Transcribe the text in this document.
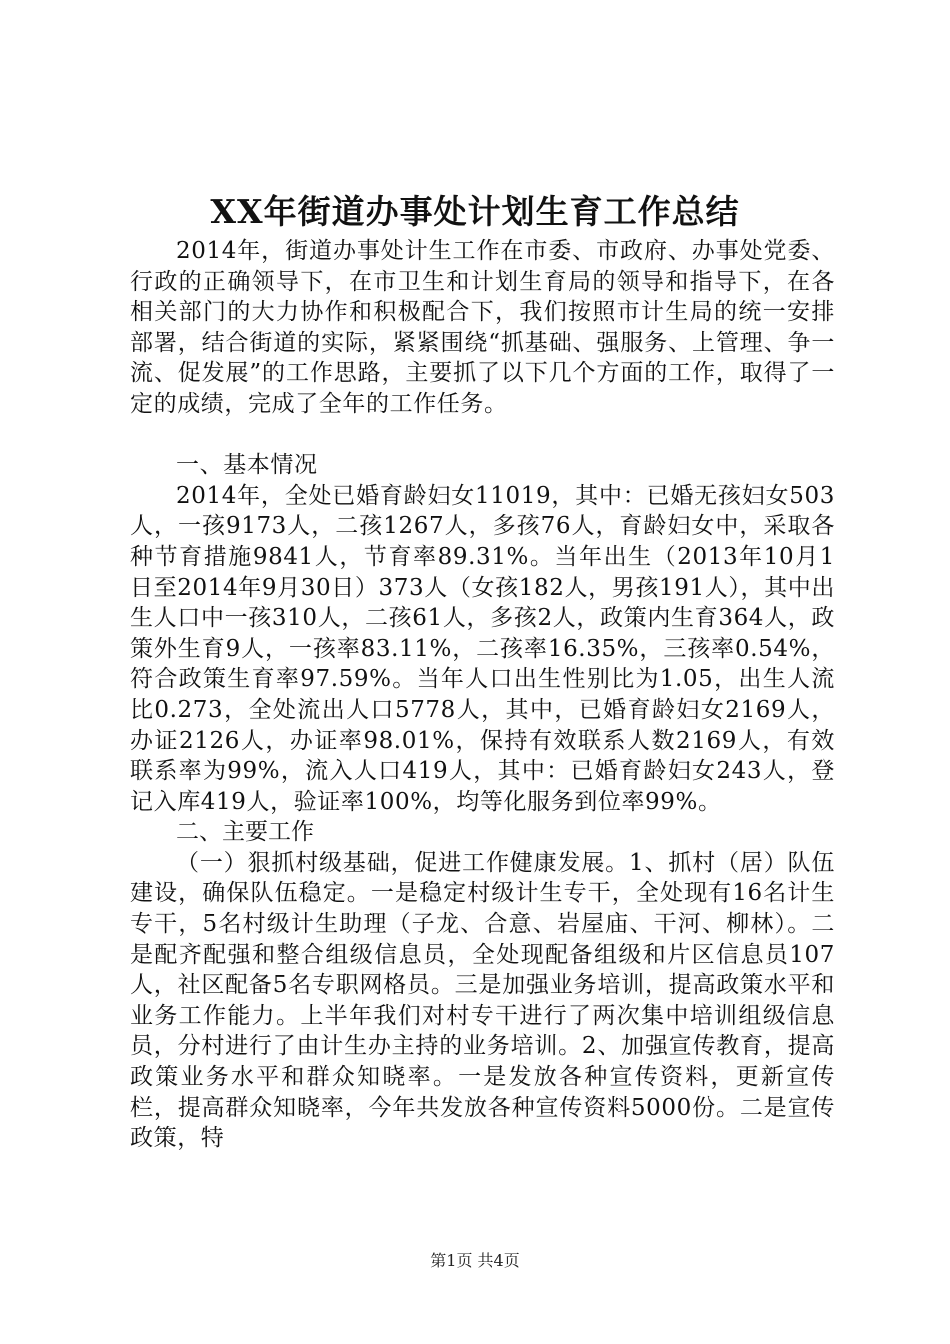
XX年街道办事处计划生育工作总结

2014年，街道办事处计生工作在市委、市政府、办事处党委、行政的正确领导下，在市卫生和计划生育局的领导和指导下，在各相关部门的大力协作和积极配合下，我们按照市计生局的统一安排部署，结合街道的实际，紧紧围绕“抓基础、强服务、上管理、争一流、促发展”的工作思路，主要抓了以下几个方面的工作，取得了一定的成绩，完成了全年的工作任务。

一、基本情况

2014年，全处已婚育龄妇女11019，其中：已婚无孩妇女503人，一孩9173人，二孩1267人，多孩76人，育龄妇女中，采取各种节育措施9841人，节育率89.31%。当年出生（2013年10月1日至2014年9月30日）373人（女孩182人，男孩191人），其中出生人口中一孩310人，二孩61人，多孩2人，政策内生育364人，政策外生育9人，一孩率83.11%，二孩率16.35%，三孩率0.54%，符合政策生育率97.59%。当年人口出生性别比为1.05，出生人流比0.273，全处流出人口5778人，其中，已婚育龄妇女2169人，办证2126人，办证率98.01%，保持有效联系人数2169人，有效联系率为99%，流入人口419人，其中：已婚育龄妇女243人，登记入库419人，验证率100%，均等化服务到位率99%。

二、主要工作

（一）狠抓村级基础，促进工作健康发展。1、抓村（居）队伍建设，确保队伍稳定。一是稳定村级计生专干，全处现有16名计生专干，5名村级计生助理（子龙、合意、岩屋庙、干河、柳林）。二是配齐配强和整合组级信息员，全处现配备组级和片区信息员107人，社区配备5名专职网格员。三是加强业务培训，提高政策水平和业务工作能力。上半年我们对村专干进行了两次集中培训组级信息员，分村进行了由计生办主持的业务培训。2、加强宣传教育，提高政策业务水平和群众知晓率。一是发放各种宣传资料，更新宣传栏，提高群众知晓率，今年共发放各种宣传资料5000份。二是宣传政策，特

第1页 共4页
